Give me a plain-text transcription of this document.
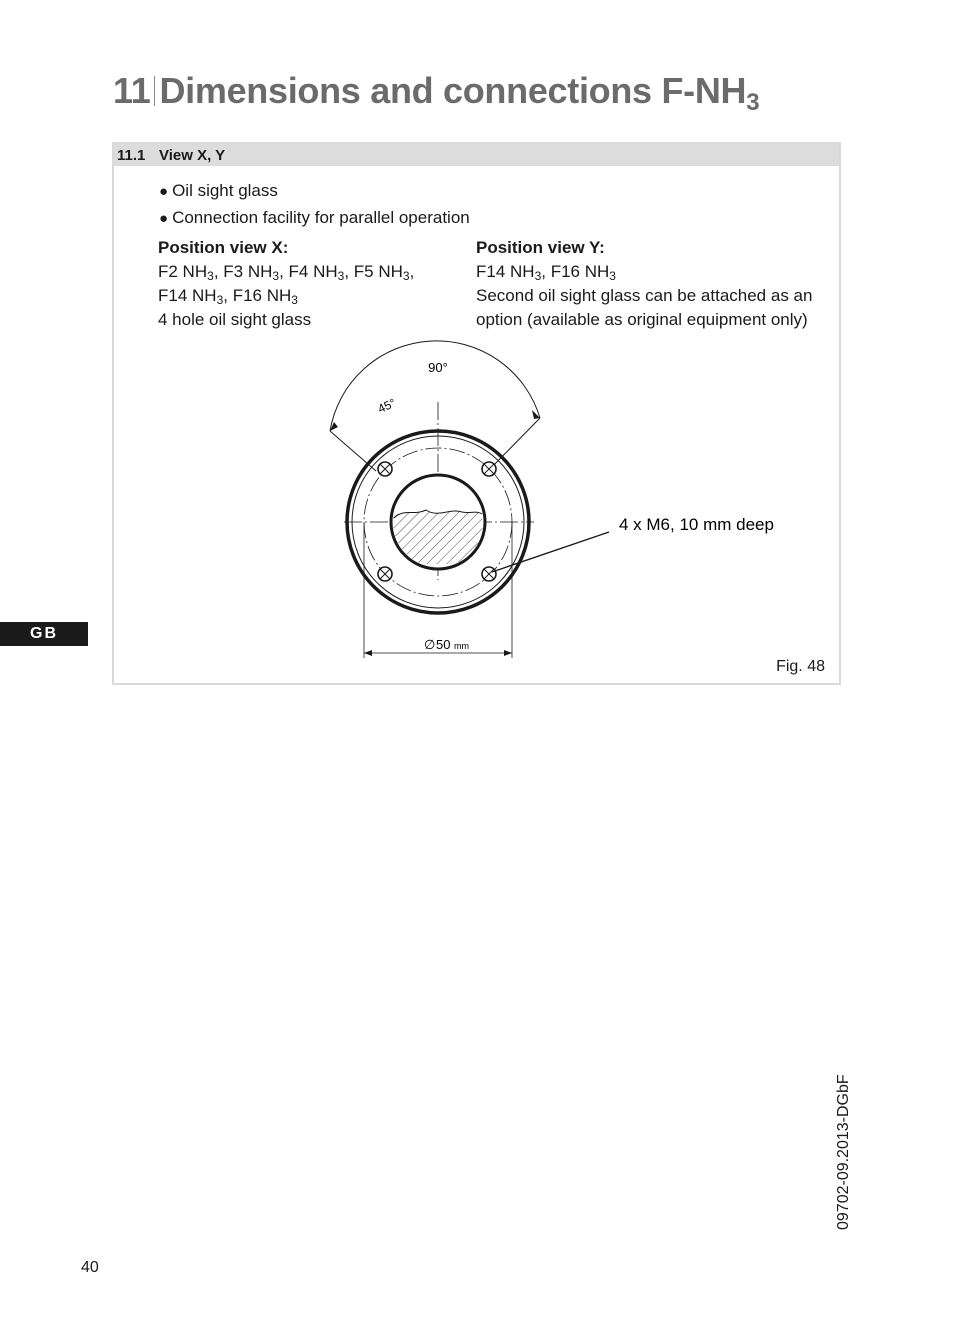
11 Dimensions and connections $F-NH_3$
11.1 View X, Y
● Oil sight glass
● Connection facility for parallel operation
Position view X:
F2 $NH_3$, F3 $NH_3$, F4 $NH_3$, F5 $NH_3$,
F14 $NH_3$, F16 $NH_3$
4 hole oil sight glass
Position view Y:
F14 $NH_3$, F16 $NH_3$
Second oil sight glass can be attached as an
option (available as original equipment only)
90°
45°
4 x M6, 10 mm deep
∅ 50 mm
Fig. 48
GB
09702-09.2013-DGbF
40
